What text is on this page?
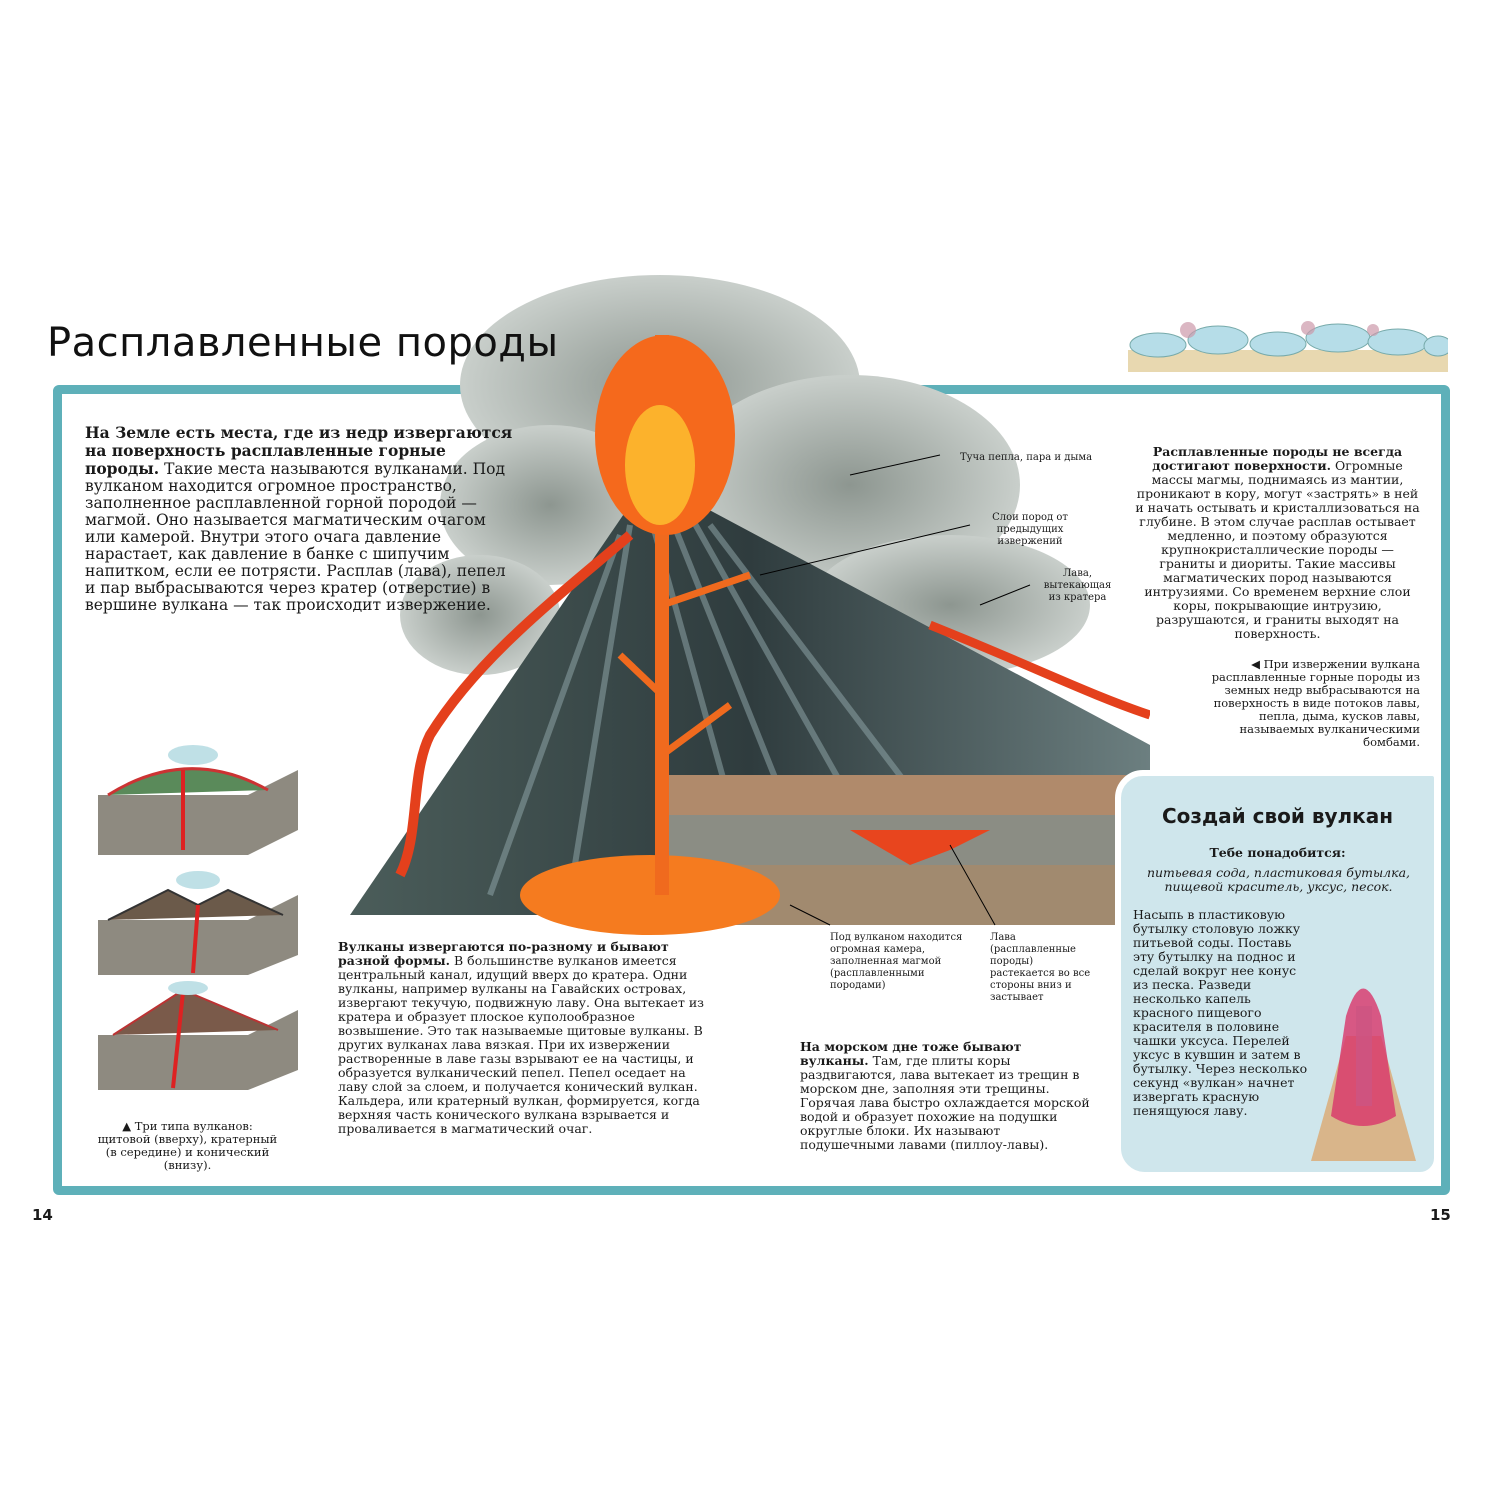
Расплавленные породы
На Земле есть места, где из недр извергаются на поверхность расплавленные горные породы. Такие места называются вулканами. Под вулканом находится огромное пространство, заполненное расплавленной горной породой — магмой. Оно называется магматическим очагом или камерой. Внутри этого очага давление нарастает, как давление в банке с шипучим напитком, если ее потрясти. Расплав (лава), пепел и пар выбрасываются через кратер (отверстие) в вершине вулкана — так происходит извержение.
Расплавленные породы не всегда достигают поверхности. Огромные массы магмы, поднимаясь из мантии, проникают в кору, могут «застрять» в ней и начать остывать и кристаллизоваться на глубине. В этом случае расплав остывает медленно, и поэтому образуются крупнокристаллические породы — граниты и диориты. Такие массивы магматических пород называются интрузиями. Со временем верхние слои коры, покрывающие интрузию, разрушаются, и граниты выходят на поверхность.
◀ При извержении вулкана расплавленные горные породы из земных недр выбрасываются на поверхность в виде потоков лавы, пепла, дыма, кусков лавы, называемых вулканическими бомбами.
Туча пепла, пара и дыма
Слои пород от предыдущих извержений
Лава, вытекающая из кратера
Под вулканом находится огромная камера, заполненная магмой (расплавленными породами)
Лава (расплавленные породы) растекается во все стороны вниз и застывает
▲ Три типа вулканов: щитовой (вверху), кратерный (в середине) и конический (внизу).
Вулканы извергаются по-разному и бывают разной формы. В большинстве вулканов имеется центральный канал, идущий вверх до кратера. Одни вулканы, например вулканы на Гавайских островах, извергают текучую, подвижную лаву. Она вытекает из кратера и образует плоское куполообразное возвышение. Это так называемые щитовые вулканы. В других вулканах лава вязкая. При их извержении растворенные в лаве газы взрывают ее на частицы, и образуется вулканический пепел. Пепел оседает на лаву слой за слоем, и получается конический вулкан. Кальдера, или кратерный вулкан, формируется, когда верхняя часть конического вулкана взрывается и проваливается в магматический очаг.
На морском дне тоже бывают вулканы. Там, где плиты коры раздвигаются, лава вытекает из трещин в морском дне, заполняя эти трещины. Горячая лава быстро охлаждается морской водой и образует похожие на подушки округлые блоки. Их называют подушечными лавами (пиллоу-лавы).
Создай свой вулкан
Тебе понадобится:
питьевая сода, пластиковая бутылка, пищевой краситель, уксус, песок.
Насыпь в пластиковую бутылку столовую ложку питьевой соды. Поставь эту бутылку на поднос и сделай вокруг нее конус из песка. Разведи несколько капель красного пищевого красителя в половине чашки уксуса. Перелей уксус в кувшин и затем в бутылку. Через несколько секунд «вулкан» начнет извергать красную пенящуюся лаву.
14	15
